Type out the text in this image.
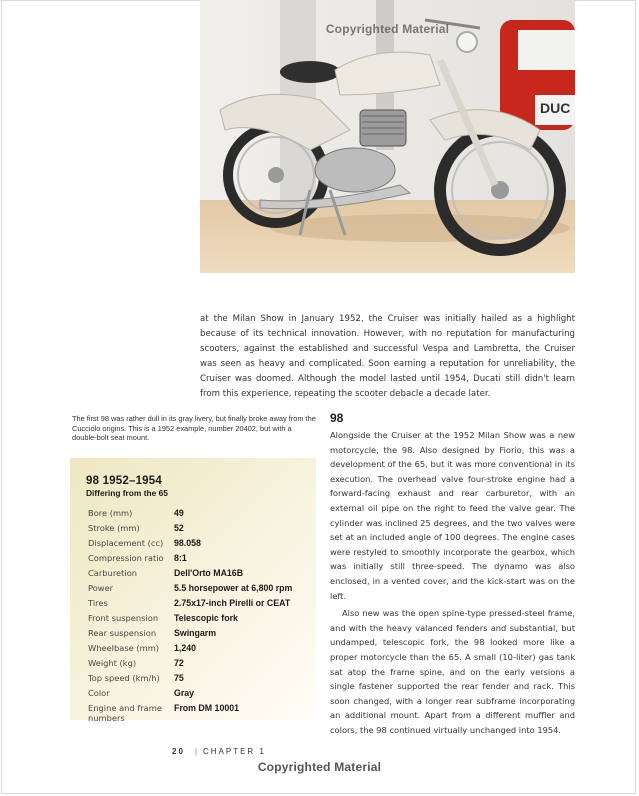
DUC
Copyrighted Material

at the Milan Show in January 1952, the Cruiser was initially hailed as a highlight because of its technical innovation. However, with no reputation for manufacturing scooters, against the established and successful Vespa and Lambretta, the Cruiser was seen as heavy and complicated. Soon earning a reputation for unreliability, the Cruiser was doomed. Although the model lasted until 1954, Ducati still didn't learn from this experience, repeating the scooter debacle a decade later.

The first 98 was rather dull in its gray livery, but finally broke away from the Cucciolo origins. This is a 1952 example, number 20402, but with a double-bolt seat mount.
98 1952–1954
Differing from the 65
Bore (mm)	49
Stroke (mm)	52
Displacement (cc) 98.058
Compression ratio 8:1
Carburetion	Dell'Orto MA16B
Power	5.5 horsepower at 6,800 rpm
Tires	2.75x17-inch Pirelli or CEAT
Front suspension Telescopic fork
Rear suspension Swingarm
Wheelbase (mm) 1,240
Weight (kg)	72
Top speed (km/h) 75
Color	Gray
Engine and frame numbers
From DM 10001
98

Alongside the Cruiser at the 1952 Milan Show was a new motorcycle, the 98. Also designed by Fiorio, this was a development of the 65, but it was more conventional in its execution. The overhead valve four-stroke engine had a forward-facing exhaust and rear carburetor, with an external oil pipe on the right to feed the valve gear. The cylinder was inclined 25 degrees, and the two valves were set at an included angle of 100 degrees. The engine cases were restyled to smoothly incorporate the gearbox, which was initially still three-speed. The dynamo was also enclosed, in a vented cover, and the kick-start was on the left.

Also new was the open spine-type pressed-steel frame, and with the heavy valanced fenders and substantial, but undamped, telescopic fork, the 98 looked more like a proper motorcycle than the 65. A small (10-liter) gas tank sat atop the frame spine, and on the early versions a single fastener supported the rear fender and rack. This soon changed, with a longer rear subframe incorporating an additional mount. Apart from a different muffler and colors, the 98 continued virtually unchanged into 1954.

20 | CHAPTER 1
Copyrighted Material
